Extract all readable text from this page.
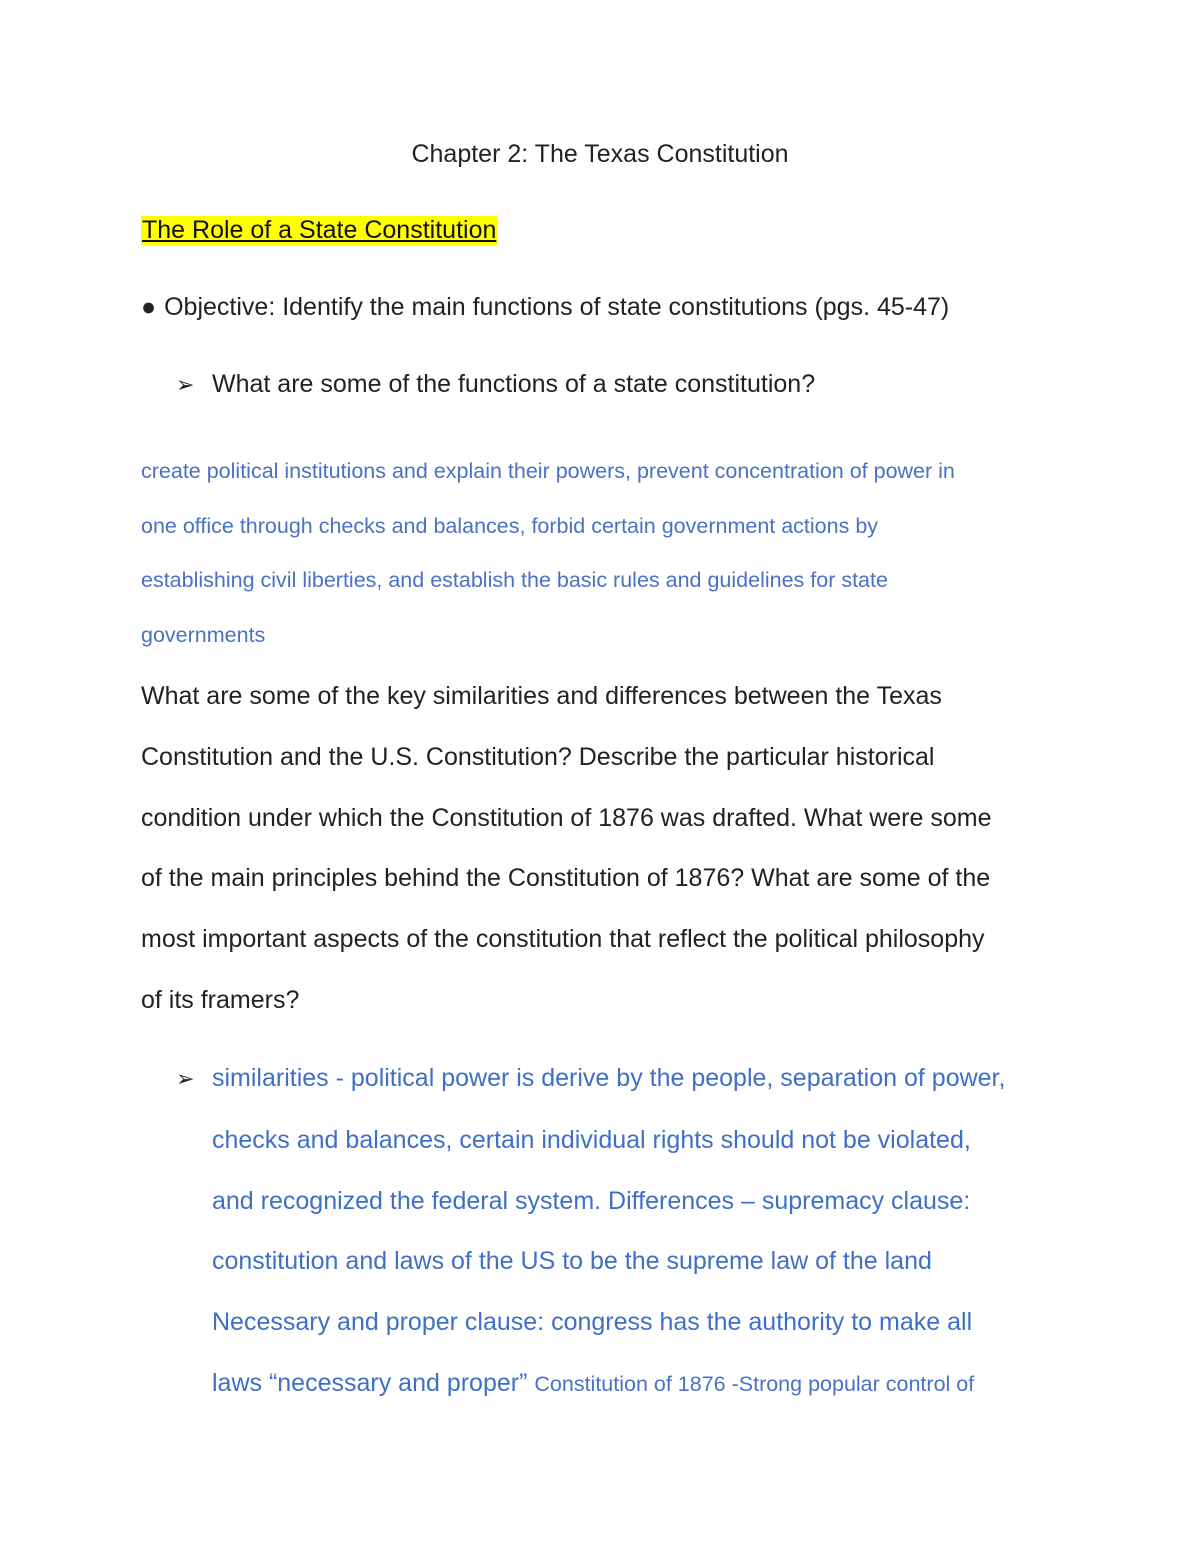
Chapter 2: The Texas Constitution
The Role of a State Constitution
● Objective: Identify the main functions of state constitutions (pgs. 45-47)
➢ What are some of the functions of a state constitution?
create political institutions and explain their powers, prevent concentration of power in
one office through checks and balances, forbid certain government actions by
establishing civil liberties, and establish the basic rules and guidelines for state
governments
What are some of the key similarities and differences between the Texas
Constitution and the U.S. Constitution? Describe the particular historical
condition under which the Constitution of 1876 was drafted. What were some
of the main principles behind the Constitution of 1876? What are some of the
most important aspects of the constitution that reflect the political philosophy
of its framers?
➢ similarities - political power is derive by the people, separation of power,
checks and balances, certain individual rights should not be violated,
and recognized the federal system. Differences – supremacy clause:
constitution and laws of the US to be the supreme law of the land
Necessary and proper clause: congress has the authority to make all
laws “necessary and proper” Constitution of 1876 -Strong popular control of
